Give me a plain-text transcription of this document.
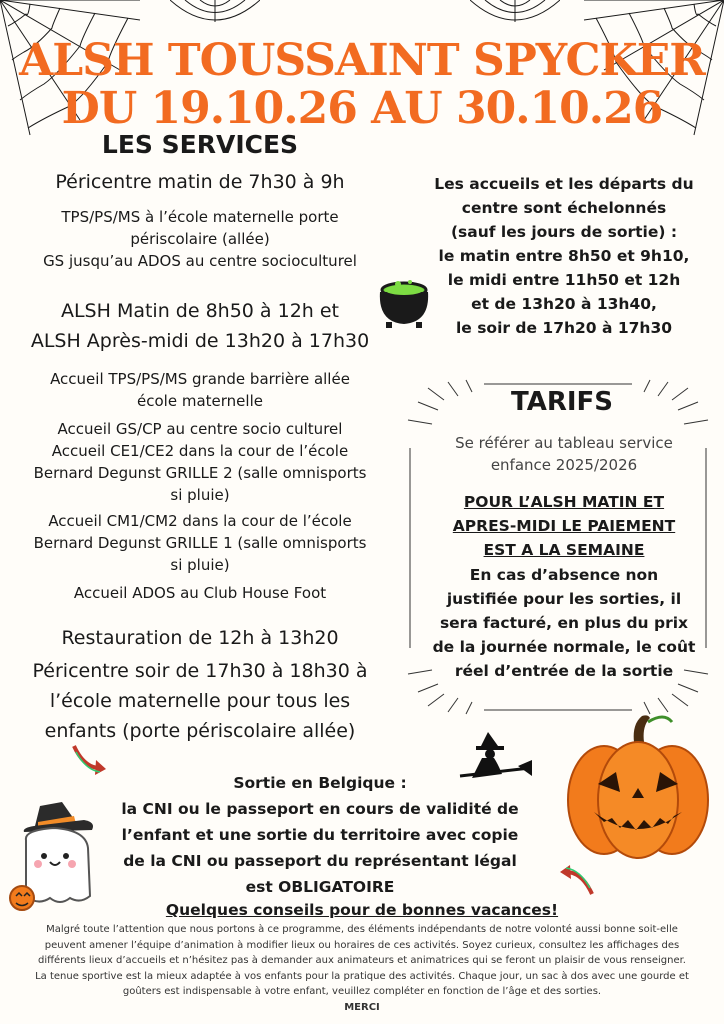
ALSH TOUSSAINT SPYCKER
DU 19.10.26 AU 30.10.26
LES SERVICES
Péricentre matin de 7h30 à 9h
TPS/PS/MS à l’école maternelle porte
périscolaire (allée)
GS jusqu’au ADOS au centre socioculturel
ALSH Matin de 8h50 à 12h et
ALSH Après-midi de 13h20 à 17h30
Accueil TPS/PS/MS grande barrière allée
école maternelle
Accueil GS/CP au centre socio culturel
Accueil CE1/CE2 dans la cour de l’école
Bernard Degunst GRILLE 2 (salle omnisports
si pluie)
Accueil CM1/CM2 dans la cour de l’école
Bernard Degunst GRILLE 1 (salle omnisports
si pluie)
Accueil ADOS au Club House Foot
Restauration de 12h à 13h20
Péricentre soir de 17h30 à 18h30 à
l’école maternelle pour tous les
enfants (porte périscolaire allée)
Les accueils et les départs du
centre sont échelonnés
(sauf les jours de sortie) :
le matin entre 8h50 et 9h10,
le midi entre 11h50 et 12h
et de 13h20 à 13h40,
le soir de 17h20 à 17h30
TARIFS
Se référer au tableau service
enfance 2025/2026
POUR L’ALSH MATIN ET
APRES-MIDI LE PAIEMENT
EST A LA SEMAINE
En cas d’absence non
justifiée pour les sorties, il
sera facturé, en plus du prix
de la journée normale, le coût
réel d’entrée de la sortie
Sortie en Belgique :
la CNI ou le passeport en cours de validité de
l’enfant et une sortie du territoire avec copie
de la CNI ou passeport du représentant légal
est OBLIGATOIRE
Quelques conseils pour de bonnes vacances!
Malgré toute l’attention que nous portons à ce programme, des éléments indépendants de notre volonté aussi bonne soit-elle
peuvent amener l’équipe d’animation à modifier lieux ou horaires de ces activités. Soyez curieux, consultez les affichages des
différents lieux d’accueils et n’hésitez pas à demander aux animateurs et animatrices qui se feront un plaisir de vous renseigner.
La tenue sportive est la mieux adaptée à vos enfants pour la pratique des activités. Chaque jour, un sac à dos avec une gourde et
goûters est indispensable à votre enfant, veuillez compléter en fonction de l’âge et des sorties.
MERCI
